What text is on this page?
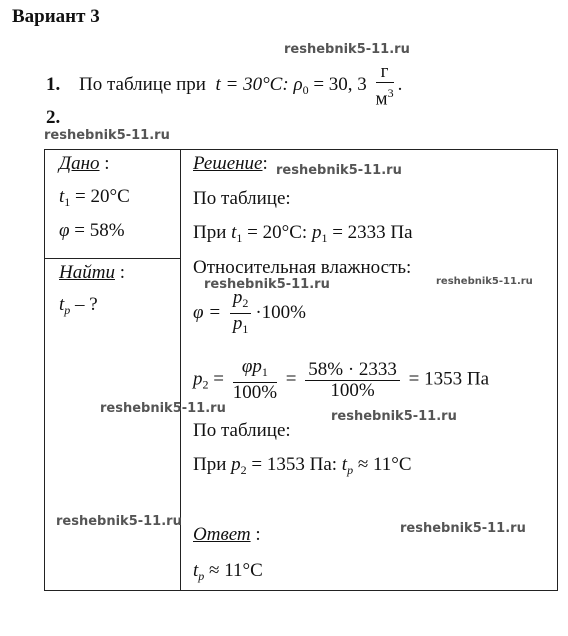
Вариант 3
1. По таблице при t = 30°C: $\rho_0 = 30$, $3 \frac{г}{м^3}$ .
2.
Дано :
$t_1 = 20^\circ C$
φ = 58%
Найти :
$t_p$ – ?
Решение:
По таблице:
При $t_1 = 20^\circ C$: $p_1 = 2333$ Па
Относительная влажность:
$\varphi = \frac{p_2}{p_1} \cdot 100\%$
$p_2 = \frac{\varphi p_1}{100\%} = \frac{58\% \cdot 2333}{100\%} = 1353$ Па
По таблице:
При $p_2 = 1353$ Па: $t_p \approx 11^\circ C$
Ответ :
$t_p \approx 11^\circ C$
reshebnik5-11.ru
reshebnik5-11.ru
reshebnik5-11.ru
reshebnik5-11.ru	reshebnik5-11.ru
reshebnik5-11.ru
reshebnik5-11.ru
reshebnik5-11.ru	reshebnik5-11.ru
